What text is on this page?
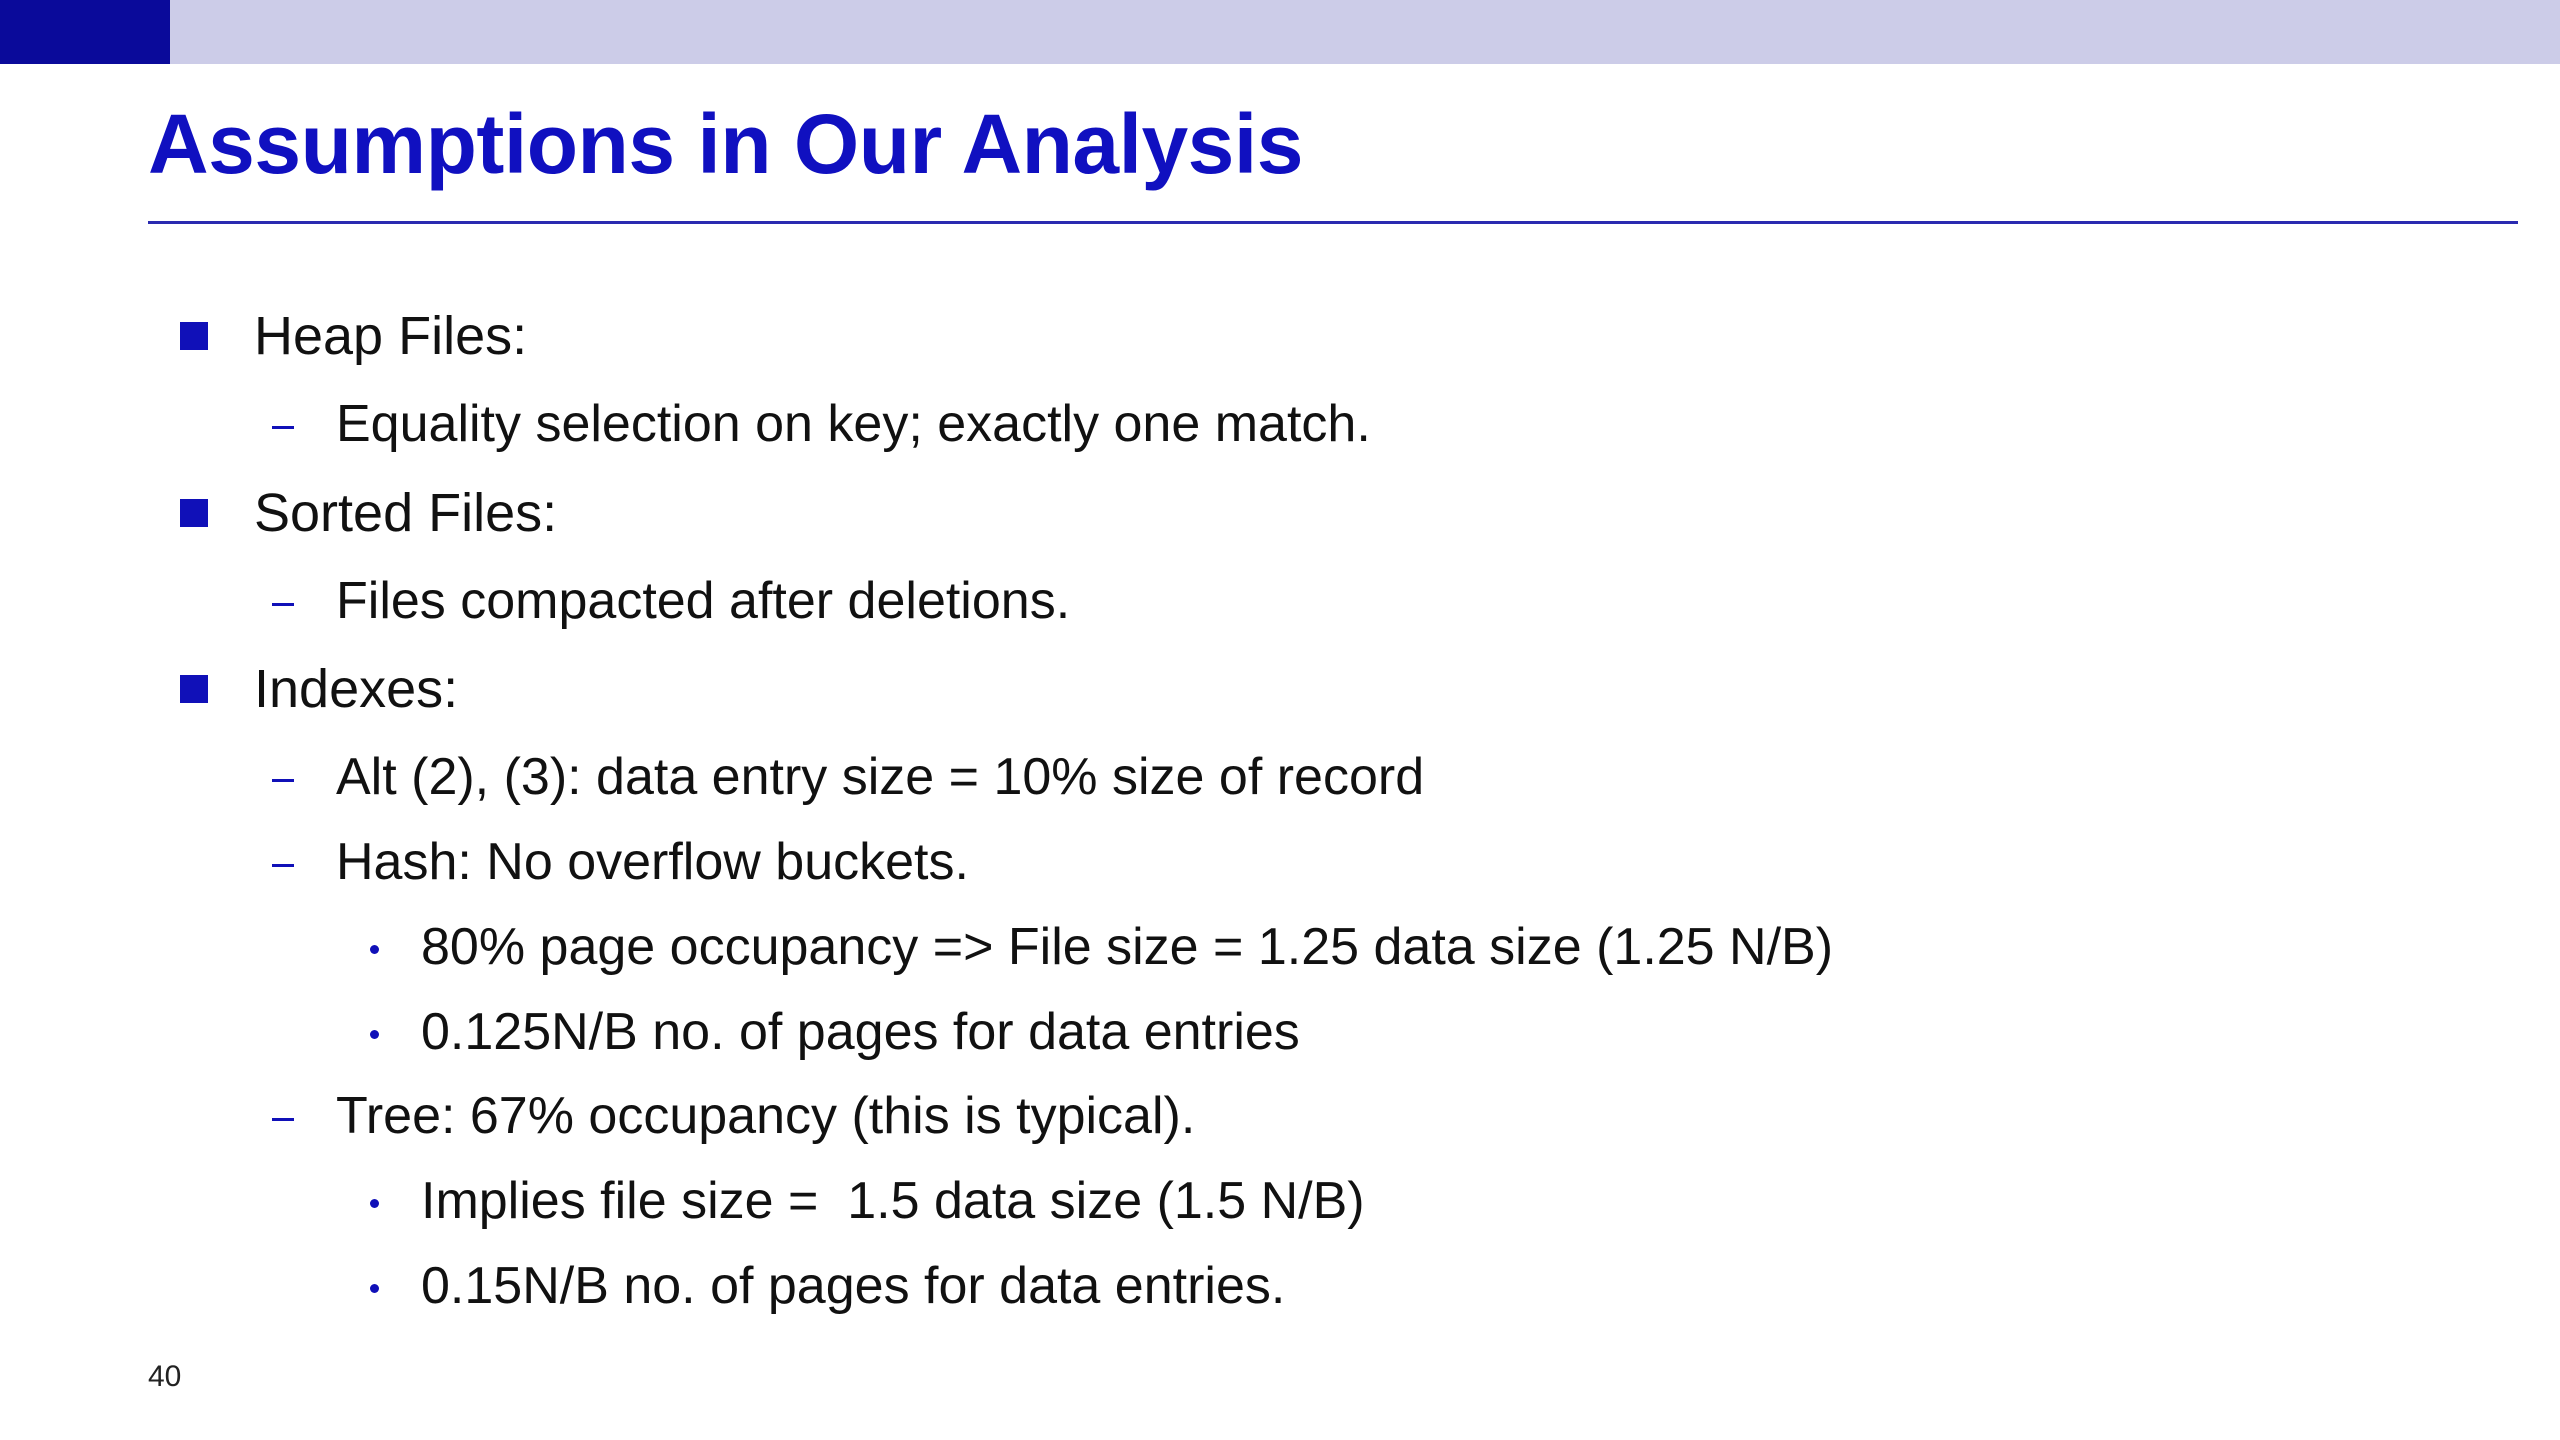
Assumptions in Our Analysis
Heap Files:
Equality selection on key; exactly one match.
Sorted Files:
Files compacted after deletions.
Indexes:
Alt (2), (3): data entry size = 10% size of record
Hash: No overflow buckets.
80% page occupancy => File size = 1.25 data size (1.25 N/B)
0.125N/B no. of pages for data entries
Tree: 67% occupancy (this is typical).
Implies file size =  1.5 data size (1.5 N/B)
0.15N/B no. of pages for data entries.
40
